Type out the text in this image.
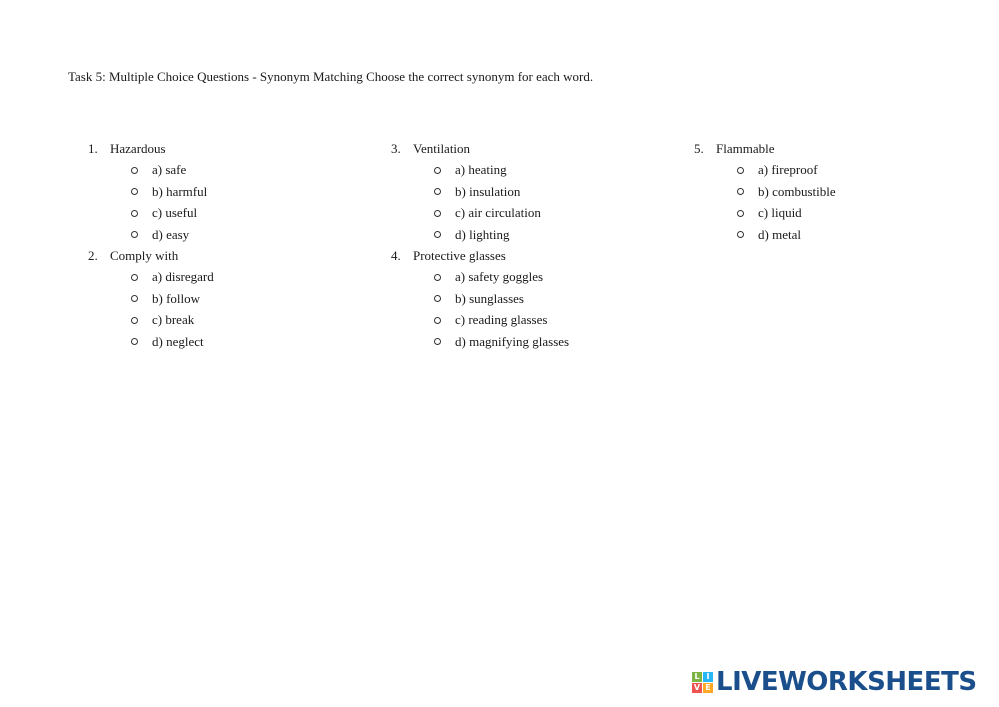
Task 5: Multiple Choice Questions - Synonym Matching Choose the correct synonym for each word.
1. Hazardous
a) safe
b) harmful
c) useful
d) easy
2. Comply with
a) disregard
b) follow
c) break
d) neglect
3. Ventilation
a) heating
b) insulation
c) air circulation
d) lighting
4. Protective glasses
a) safety goggles
b) sunglasses
c) reading glasses
d) magnifying glasses
5. Flammable
a) fireproof
b) combustible
c) liquid
d) metal
L I
V E LIVEWORKSHEETS
